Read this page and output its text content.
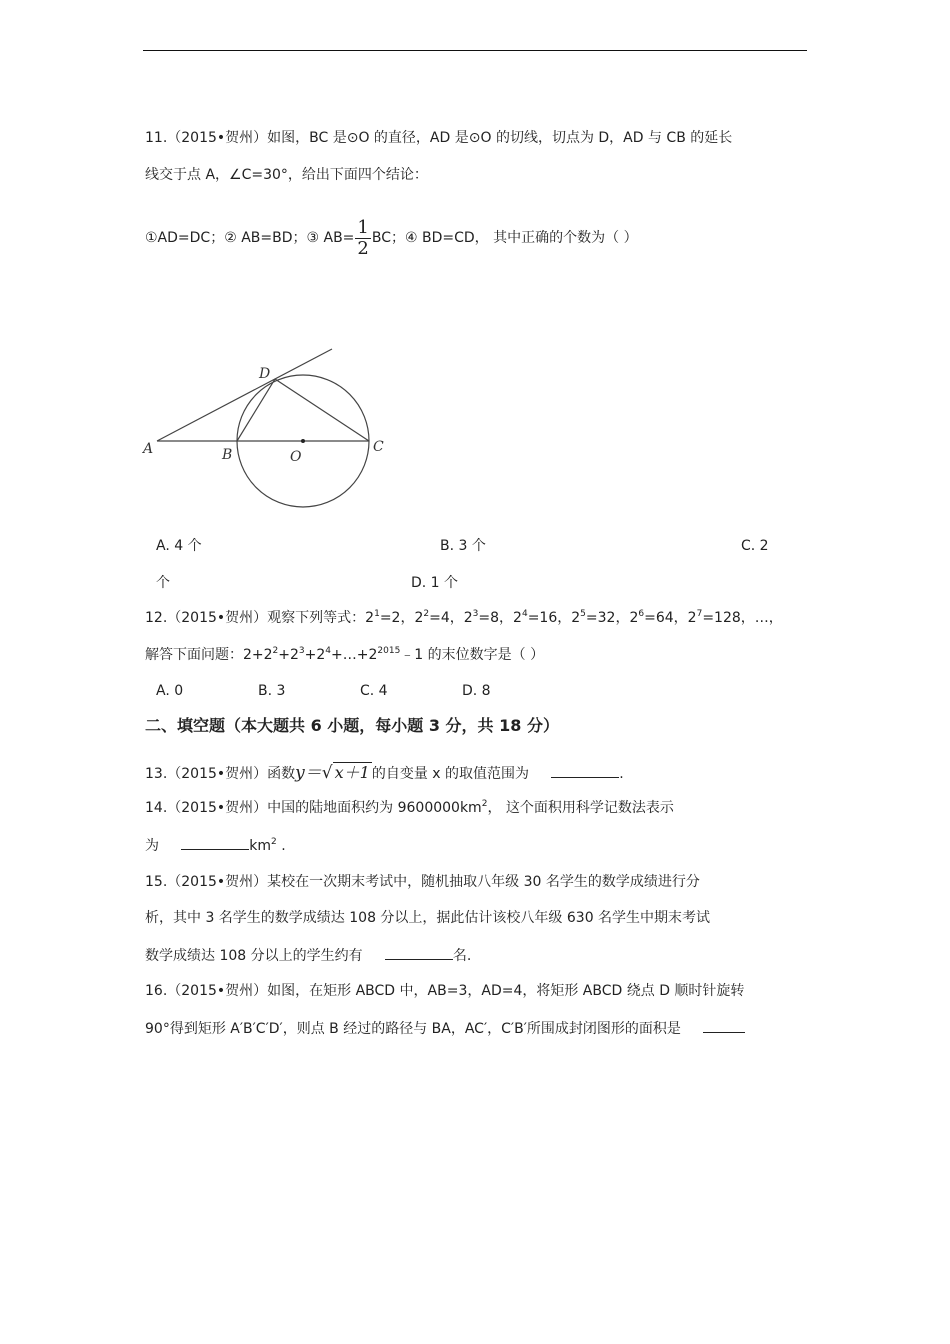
11.（2015•贺州）如图，BC 是⊙O 的直径，AD 是⊙O 的切线，切点为 D，AD 与 CB 的延长
线交于点 A，∠C=30°，给出下面四个结论：
①AD=DC；② AB=BD；③ $AB= \frac{1}{2}$ BC；④ BD=CD， 其中正确的个数为（ ）
A	B	O
C
D
A. 4 个	B. 3 个	C. 2
个	D. 1 个
12.（2015•贺州）观察下列等式：$2^1=2$，$2^2=4$，$2^3=8$，$2^4=16$，$2^5=32$，$2^6=64$，$2^7=128$，…，
解答下面问题：$2+2^2+2^3+2^4+\dots+2^{2015}﹣1$ 的末位数字是（ ）
A. 0	B. 3	C. 4	D. 8
二、填空题（本大题共 6 小题，每小题 3 分，共 18 分）
13.（2015•贺州）函数y＝√ x＋1 的自变量 x 的取值范围为	.
14.（2015•贺州）中国的陆地面积约为 $9600000km^2$， 这个面积用科学记数法表示
为	$km^2$ .
15.（2015•贺州）某校在一次期末考试中，随机抽取八年级 30 名学生的数学成绩进行分
析，其中 3 名学生的数学成绩达 108 分以上，据此估计该校八年级 630 名学生中期末考试
数学成绩达 108 分以上的学生约有	名.
16.（2015•贺州）如图，在矩形 ABCD 中，AB=3，AD=4，将矩形 ABCD 绕点 D 顺时针旋转
90°得到矩形 A′B′C′D′，则点 B 经过的路径与 BA，AC′，C′B′所围成封闭图形的面积是
